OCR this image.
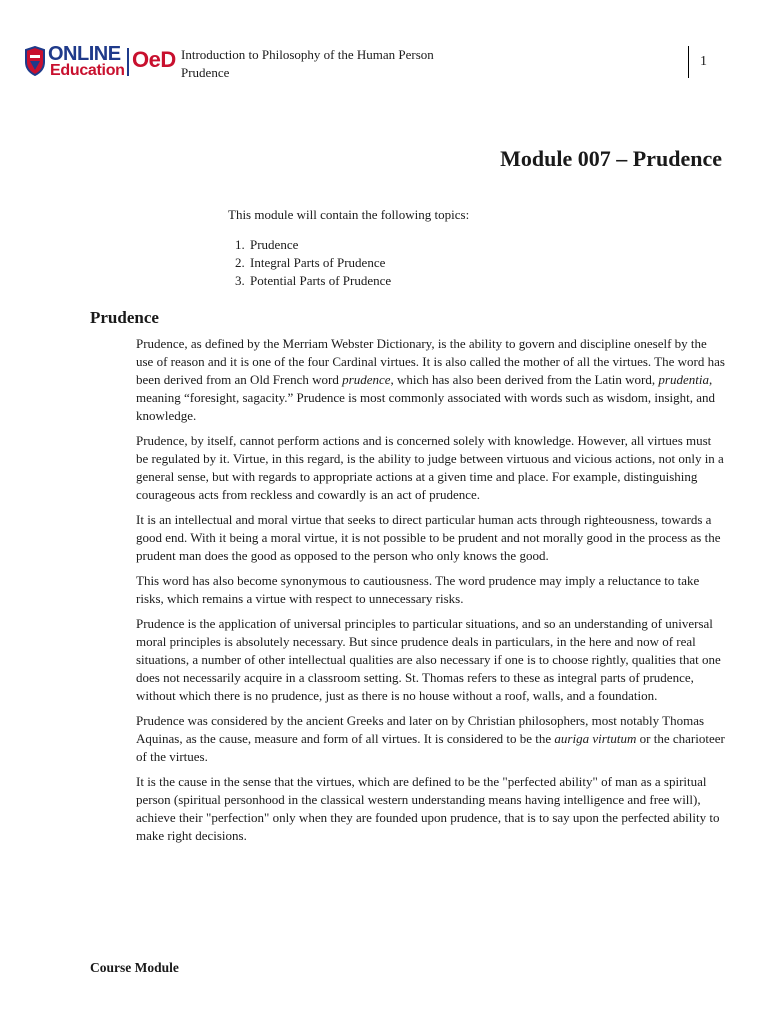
ONLINE
Education OeD Introduction to Philosophy of the Human Person
Prudence
1
Module 007 – Prudence

This module will contain the following topics:

1. Prudence
2. Integral Parts of Prudence
3. Potential Parts of Prudence
Prudence

Prudence, as defined by the Merriam Webster Dictionary, is the ability to govern and discipline oneself by the use of reason and it is one of the four Cardinal virtues. It is also called the mother of all the virtues. The word has been derived from an Old French word prudence, which has also been derived from the Latin word, prudentia, meaning “foresight, sagacity.” Prudence is most commonly associated with words such as wisdom, insight, and knowledge.

Prudence, by itself, cannot perform actions and is concerned solely with knowledge. However, all virtues must be regulated by it. Virtue, in this regard, is the ability to judge between virtuous and vicious actions, not only in a general sense, but with regards to appropriate actions at a given time and place. For example, distinguishing courageous acts from reckless and cowardly is an act of prudence.

It is an intellectual and moral virtue that seeks to direct particular human acts through righteousness, towards a good end. With it being a moral virtue, it is not possible to be prudent and not morally good in the process as the prudent man does the good as opposed to the person who only knows the good.

This word has also become synonymous to cautiousness. The word prudence may imply a reluctance to take risks, which remains a virtue with respect to unnecessary risks.

Prudence is the application of universal principles to particular situations, and so an understanding of universal moral principles is absolutely necessary. But since prudence deals in particulars, in the here and now of real situations, a number of other intellectual qualities are also necessary if one is to choose rightly, qualities that one does not necessarily acquire in a classroom setting. St. Thomas refers to these as integral parts of prudence, without which there is no prudence, just as there is no house without a roof, walls, and a foundation.

Prudence was considered by the ancient Greeks and later on by Christian philosophers, most notably Thomas Aquinas, as the cause, measure and form of all virtues. It is considered to be the auriga virtutum or the charioteer of the virtues.

It is the cause in the sense that the virtues, which are defined to be the "perfected ability" of man as a spiritual person (spiritual personhood in the classical western understanding means having intelligence and free will), achieve their "perfection" only when they are founded upon prudence, that is to say upon the perfected ability to make right decisions.

Course Module
